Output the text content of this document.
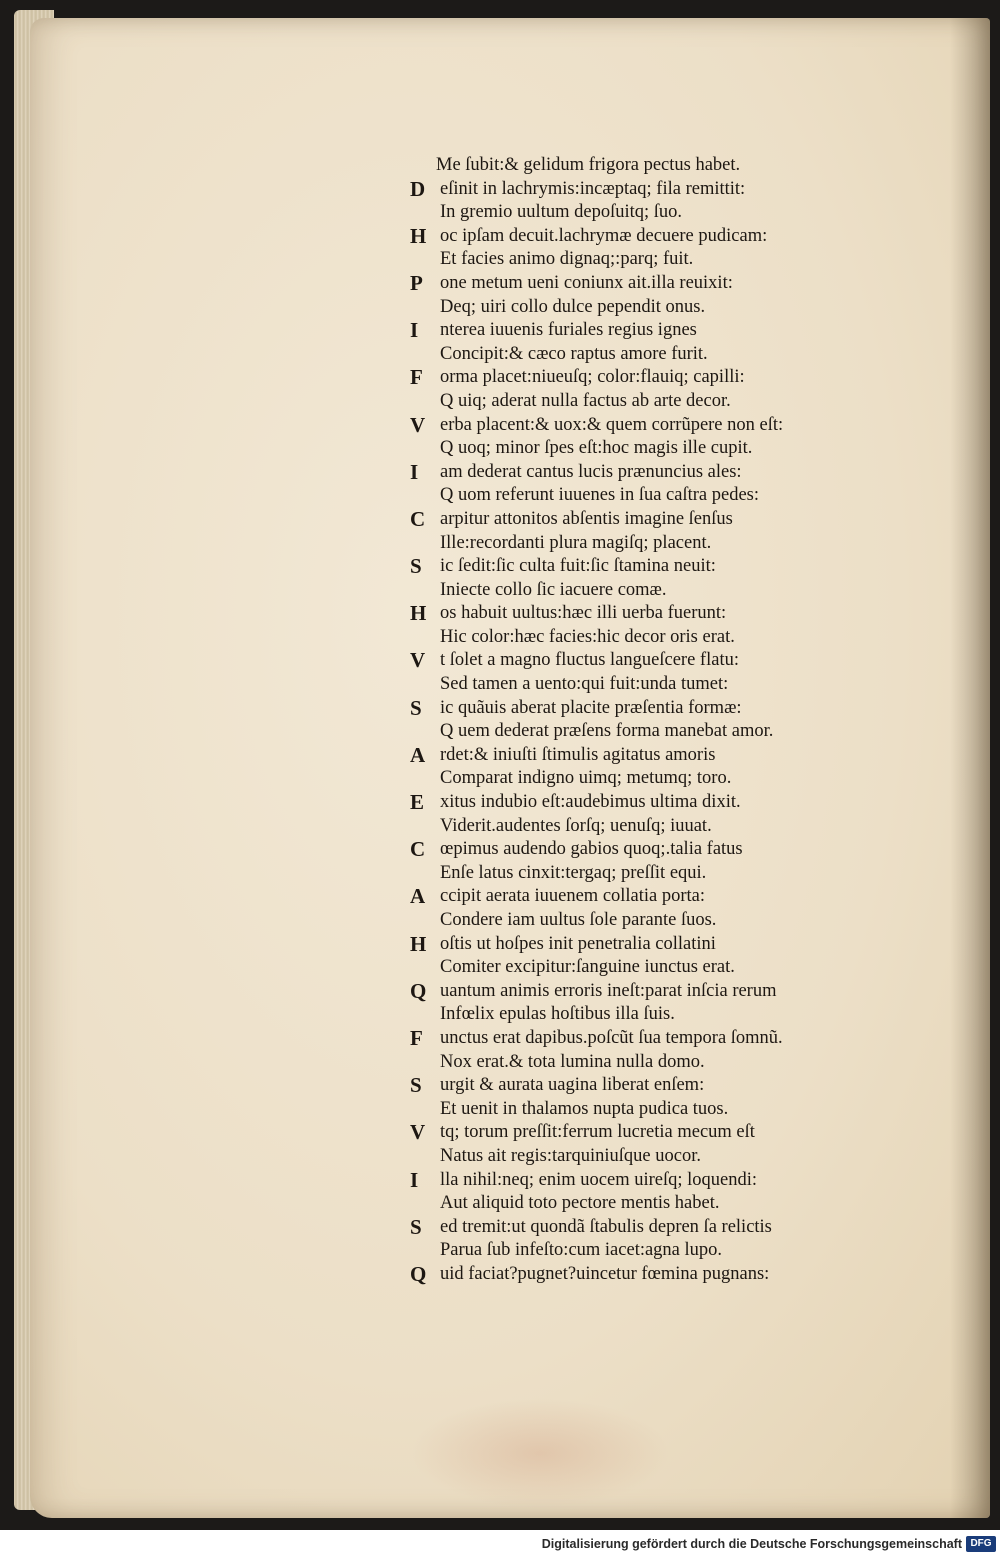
Me ſubit:& gelidum frigora pectus habet.
D eſinit in lachrymis:incæptaq; fila remittit:
In gremio uultum depoſuitq; ſuo.
H oc ipſam decuit.lachrymæ decuere pudicam:
Et facies animo dignaq;:parq; fuit.
P one metum ueni coniunx ait.illa reuixit:
Deq; uiri collo dulce pependit onus.
I nterea iuuenis furiales regius ignes
Concipit:& cæco raptus amore furit.
F orma placet:niueuſq; color:flauiq; capilli:
Q uiq; aderat nulla factus ab arte decor.
V erba placent:& uox:& quem corrũpere non eſt:
Q uoq; minor ſpes eſt:hoc magis ille cupit.
I am dederat cantus lucis prænuncius ales:
Q uom referunt iuuenes in ſua caſtra pedes:
C arpitur attonitos abſentis imagine ſenſus
Ille:recordanti plura magiſq; placent.
S ic ſedit:ſic culta fuit:ſic ſtamina neuit:
Iniecte collo ſic iacuere comæ.
H os habuit uultus:hæc illi uerba fuerunt:
Hic color:hæc facies:hic decor oris erat.
V t ſolet a magno fluctus langueſcere flatu:
Sed tamen a uento:qui fuit:unda tumet:
S ic quãuis aberat placite præſentia formæ:
Q uem dederat præſens forma manebat amor.
A rdet:& iniuſti ſtimulis agitatus amoris
Comparat indigno uimq; metumq; toro.
E xitus indubio eſt:audebimus ultima dixit.
Viderit.audentes ſorſq; uenuſq; iuuat.
C œpimus audendo gabios quoq;.talia fatus
Enſe latus cinxit:tergaq; preſſit equi.
A ccipit aerata iuuenem collatia porta:
Condere iam uultus ſole parante ſuos.
H oſtis ut hoſpes init penetralia collatini
Comiter excipitur:ſanguine iunctus erat.
Q uantum animis erroris ineſt:parat inſcia rerum
Infœlix epulas hoſtibus illa ſuis.
F unctus erat dapibus.poſcũt ſua tempora ſomnũ.
Nox erat.& tota lumina nulla domo.
S urgit & aurata uagina liberat enſem:
Et uenit in thalamos nupta pudica tuos.
V tq; torum preſſit:ferrum lucretia mecum eſt
Natus ait regis:tarquiniuſque uocor.
I lla nihil:neq; enim uocem uireſq; loquendi:
Aut aliquid toto pectore mentis habet.
S ed tremit:ut quondã ſtabulis depren ſa relictis
Parua ſub infeſto:cum iacet:agna lupo.
Q uid faciat?pugnet?uincetur fœmina pugnans:
Digitalisierung gefördert durch die Deutsche Forschungsgemeinschaft DFG
